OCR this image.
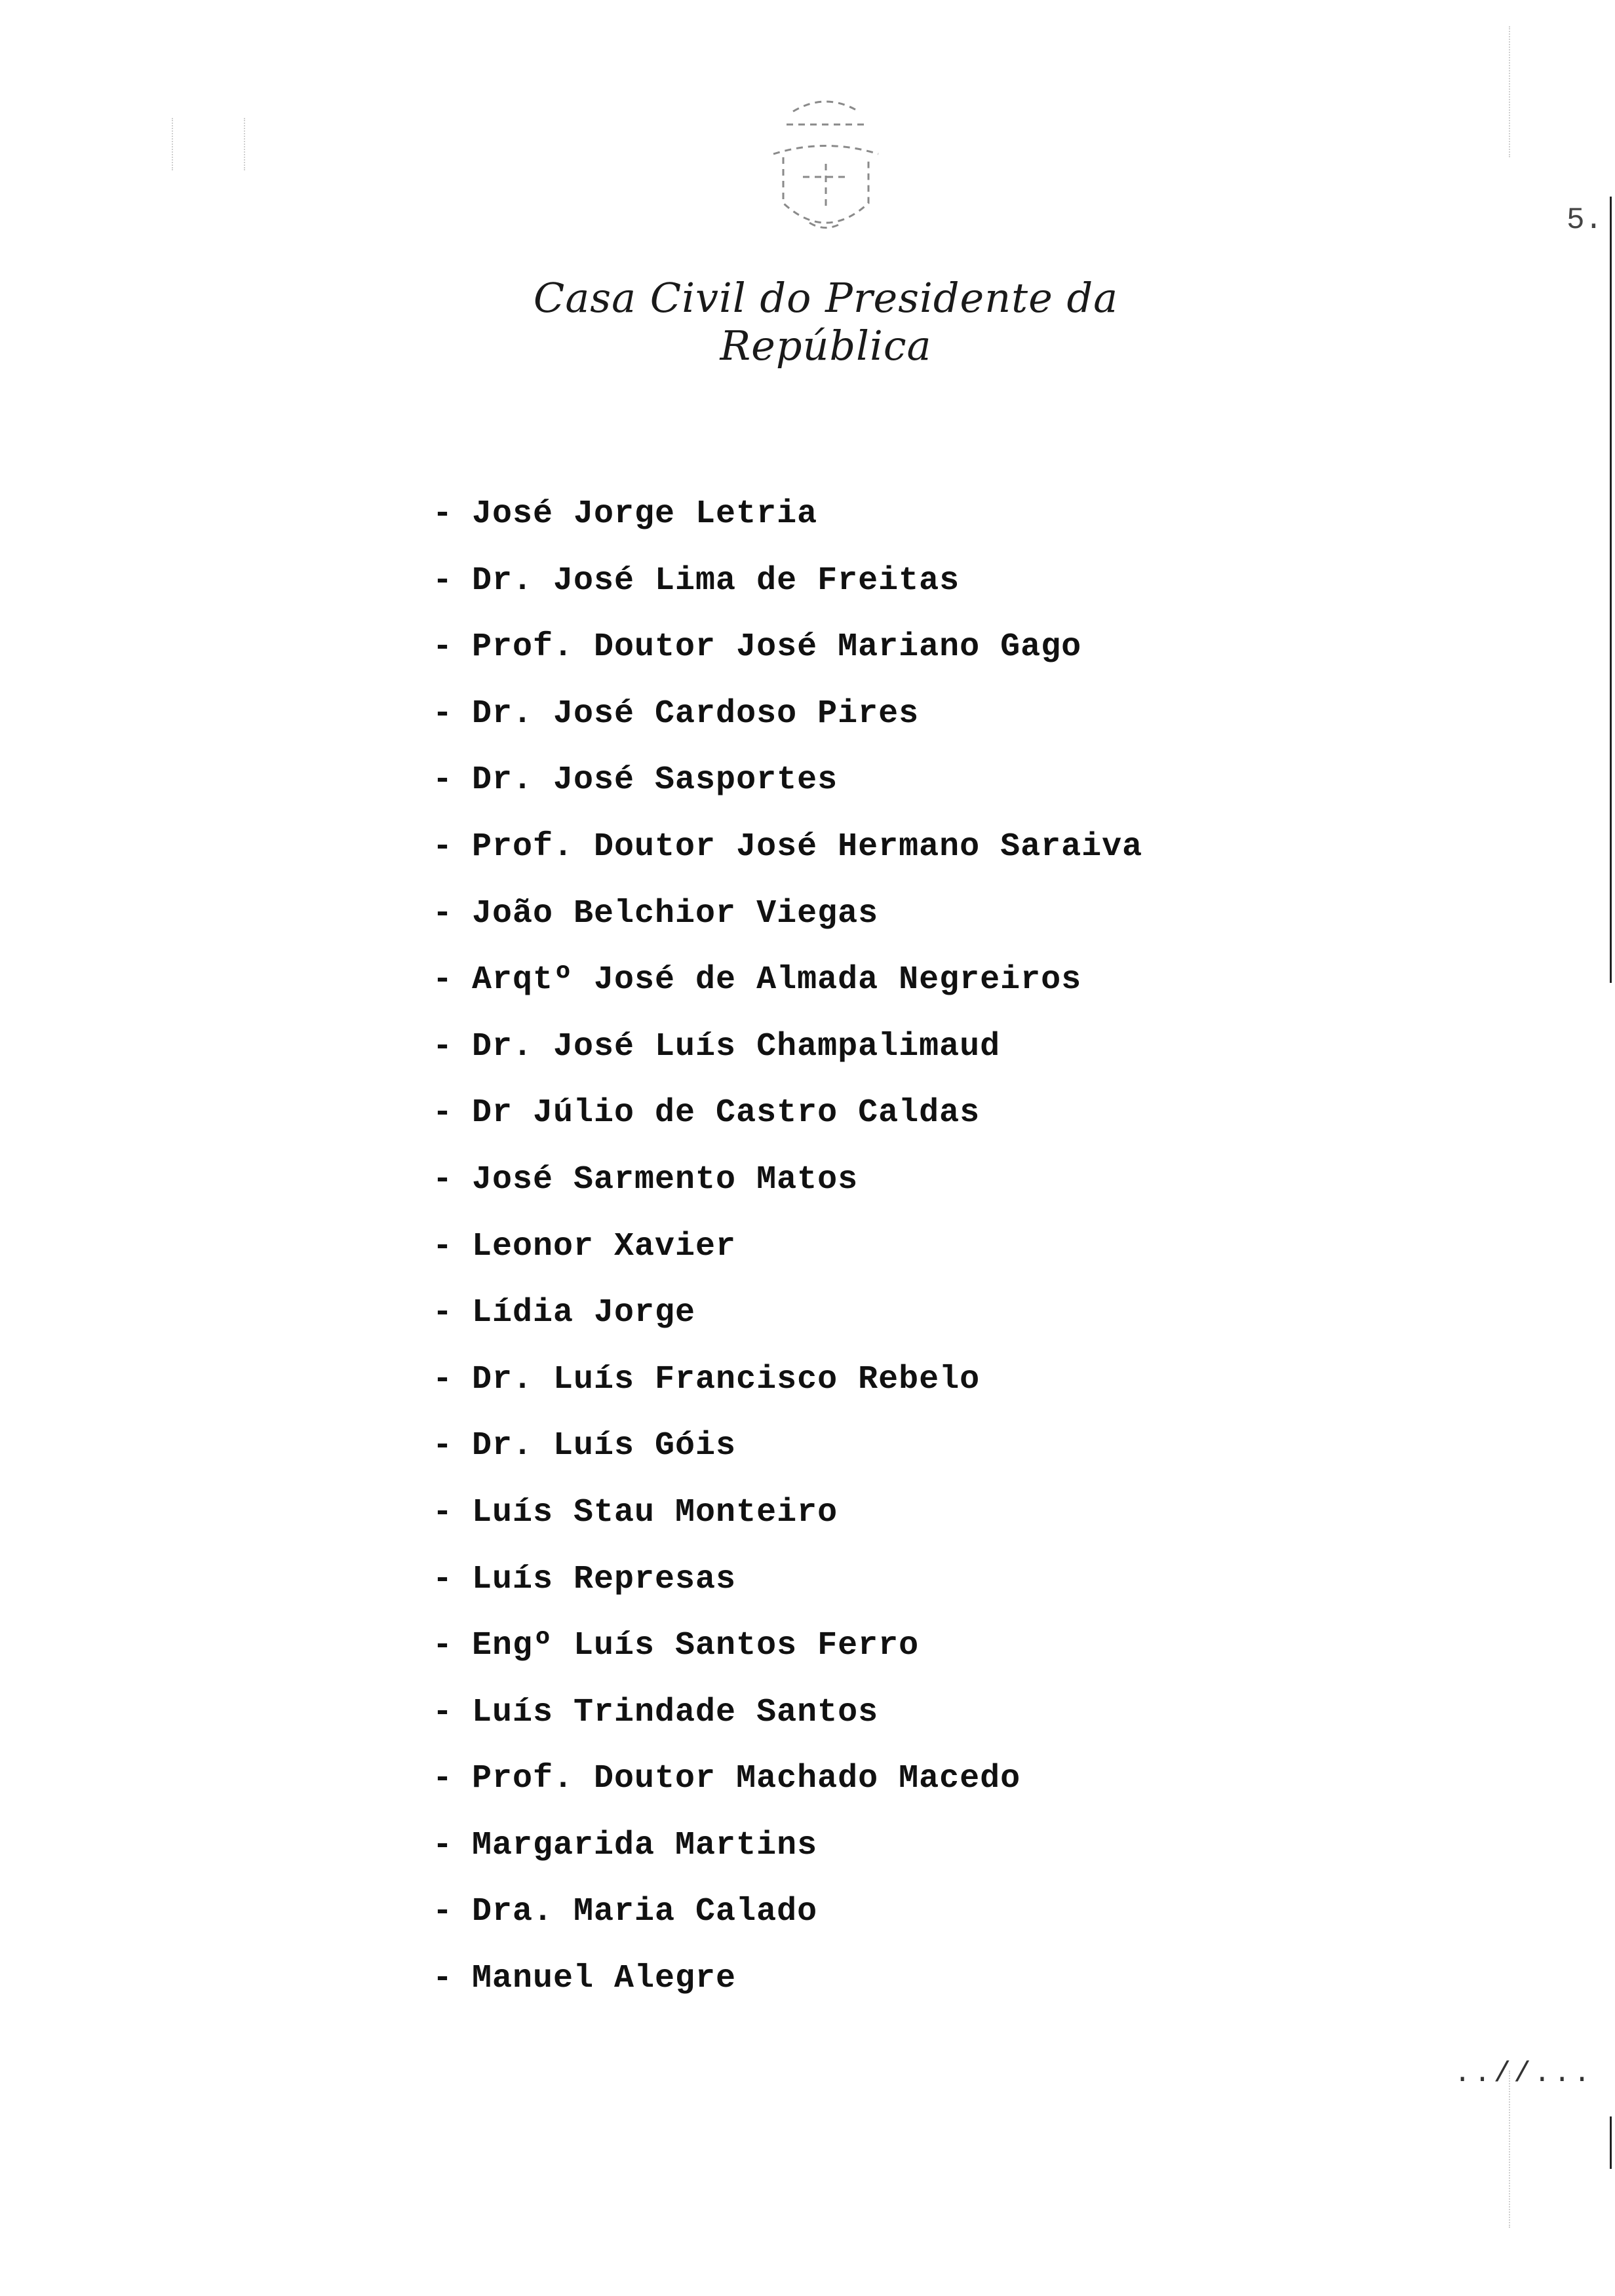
5.
Casa Civil do Presidente da República
- José Jorge Letria
- Dr. José Lima de Freitas
- Prof. Doutor José Mariano Gago
- Dr. José Cardoso Pires
- Dr. José Sasportes
- Prof. Doutor José Hermano Saraiva
- João Belchior Viegas
- Arqtº José de Almada Negreiros
- Dr. José Luís Champalimaud
- Dr Júlio de Castro Caldas
- José Sarmento Matos
- Leonor Xavier
- Lídia Jorge
- Dr. Luís Francisco Rebelo
- Dr. Luís Góis
- Luís Stau Monteiro
- Luís Represas
- Engº Luís Santos Ferro
- Luís Trindade Santos
- Prof. Doutor Machado Macedo
- Margarida Martins
- Dra. Maria Calado
- Manuel Alegre
..//...
